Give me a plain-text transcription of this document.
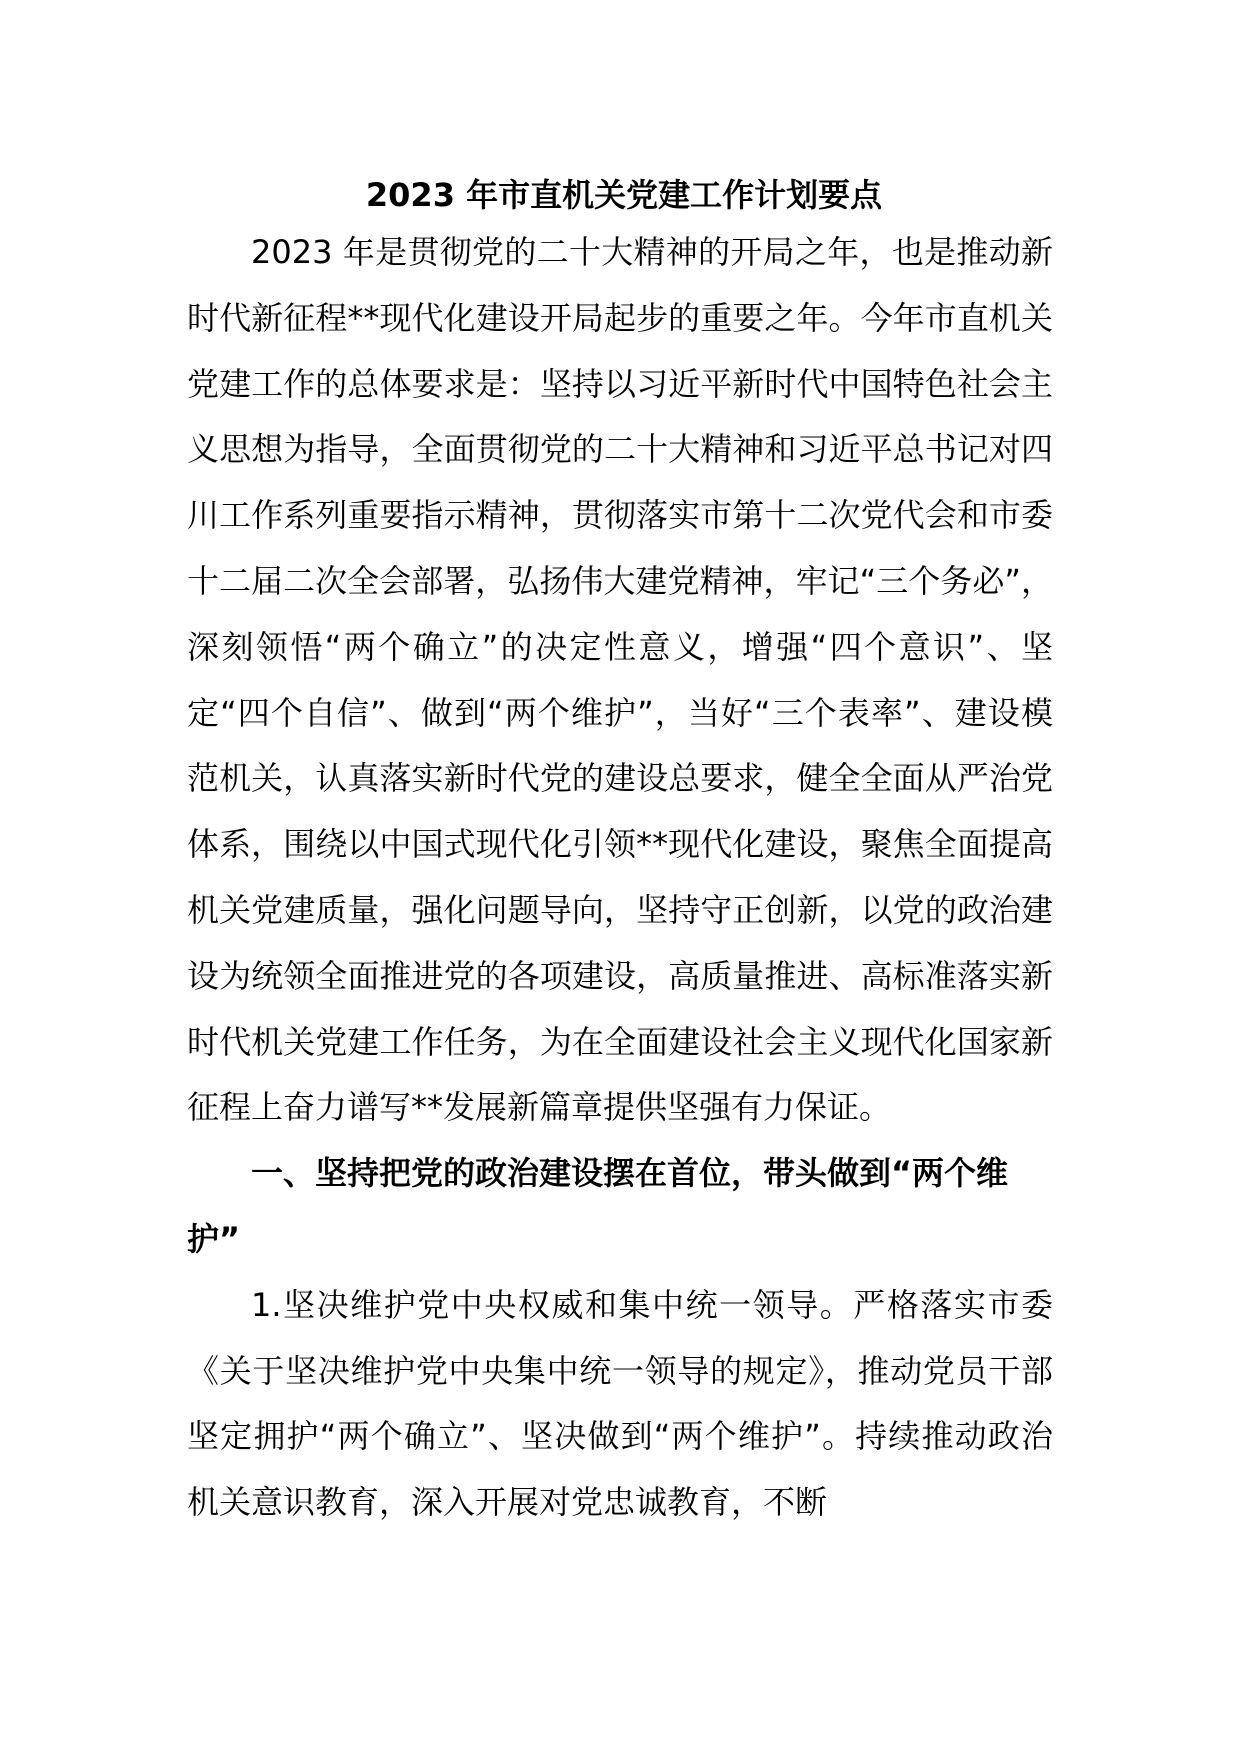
2023 年市直机关党建工作计划要点

2023 年是贯彻党的二十大精神的开局之年，也是推动新时代新征程**现代化建设开局起步的重要之年。今年市直机关党建工作的总体要求是：坚持以习近平新时代中国特色社会主义思想为指导，全面贯彻党的二十大精神和习近平总书记对四川工作系列重要指示精神，贯彻落实市第十二次党代会和市委十二届二次全会部署，弘扬伟大建党精神，牢记“三个务必”，深刻领悟“两个确立”的决定性意义，增强“四个意识”、坚定“四个自信”、做到“两个维护”，当好“三个表率”、建设模范机关，认真落实新时代党的建设总要求，健全全面从严治党体系，围绕以中国式现代化引领**现代化建设，聚焦全面提高机关党建质量，强化问题导向，坚持守正创新，以党的政治建设为统领全面推进党的各项建设，高质量推进、高标准落实新时代机关党建工作任务，为在全面建设社会主义现代化国家新征程上奋力谱写**发展新篇章提供坚强有力保证。

一、坚持把党的政治建设摆在首位，带头做到“两个维护”

1.坚决维护党中央权威和集中统一领导。严格落实市委《关于坚决维护党中央集中统一领导的规定》，推动党员干部坚定拥护“两个确立”、坚决做到“两个维护”。持续推动政治机关意识教育，深入开展对党忠诚教育，不断
